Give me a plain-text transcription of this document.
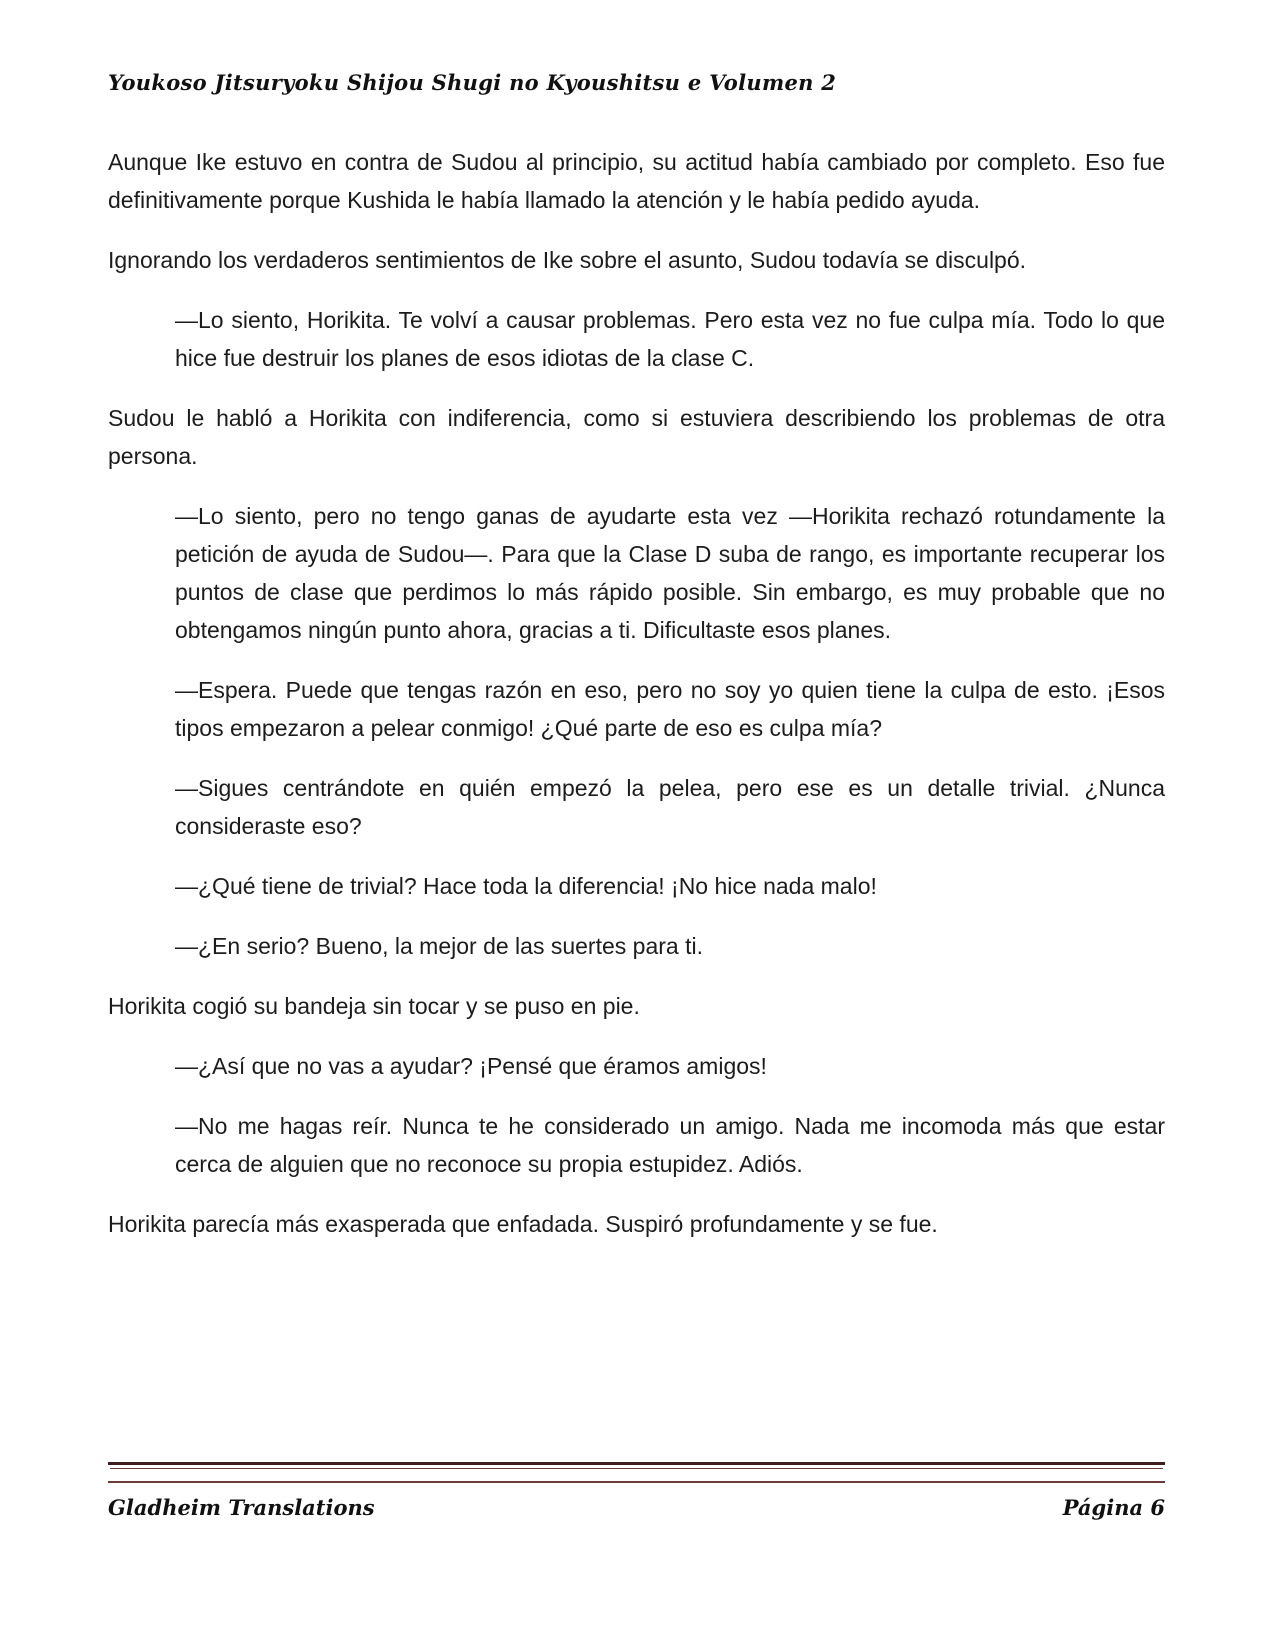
Youkoso Jitsuryoku Shijou Shugi no Kyoushitsu e Volumen 2

Aunque Ike estuvo en contra de Sudou al principio, su actitud había cambiado por completo. Eso fue definitivamente porque Kushida le había llamado la atención y le había pedido ayuda.

Ignorando los verdaderos sentimientos de Ike sobre el asunto, Sudou todavía se disculpó.

—Lo siento, Horikita. Te volví a causar problemas. Pero esta vez no fue culpa mía. Todo lo que hice fue destruir los planes de esos idiotas de la clase C.

Sudou le habló a Horikita con indiferencia, como si estuviera describiendo los problemas de otra persona.

—Lo siento, pero no tengo ganas de ayudarte esta vez —Horikita rechazó rotundamente la petición de ayuda de Sudou—. Para que la Clase D suba de rango, es importante recuperar los puntos de clase que perdimos lo más rápido posible. Sin embargo, es muy probable que no obtengamos ningún punto ahora, gracias a ti. Dificultaste esos planes.

—Espera. Puede que tengas razón en eso, pero no soy yo quien tiene la culpa de esto. ¡Esos tipos empezaron a pelear conmigo! ¿Qué parte de eso es culpa mía?

—Sigues centrándote en quién empezó la pelea, pero ese es un detalle trivial. ¿Nunca consideraste eso?

—¿Qué tiene de trivial? Hace toda la diferencia! ¡No hice nada malo!

—¿En serio? Bueno, la mejor de las suertes para ti.

Horikita cogió su bandeja sin tocar y se puso en pie.

—¿Así que no vas a ayudar? ¡Pensé que éramos amigos!

—No me hagas reír. Nunca te he considerado un amigo. Nada me incomoda más que estar cerca de alguien que no reconoce su propia estupidez. Adiós.

Horikita parecía más exasperada que enfadada. Suspiró profundamente y se fue.

Gladheim Translations	Página 6
